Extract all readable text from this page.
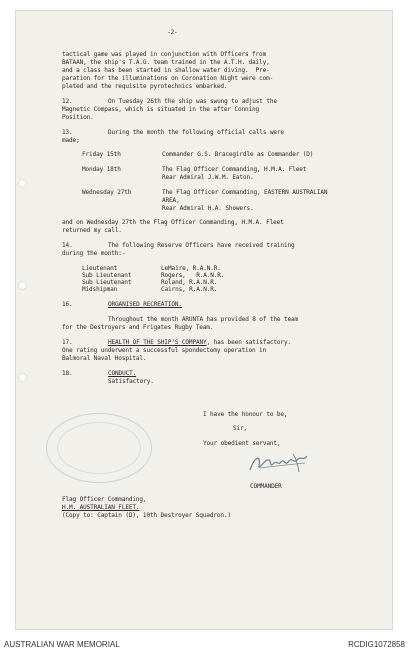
-2-
tactical game was played in conjunction with Officers from
BATAAN, the ship's T.A.G. team trained in the A.T.H. daily,
and a class has been started in shallow water diving.  Pre-
paration for the illuminations on Coronation Night were com-
pleted and the requisite pyrotechnics embarked.
12.	On Tuesday 26th the ship was swung to adjust the
Magnetic Compass, which is situated in the after Conning
Position.
13.	During the month the following official calls were
made;
Friday 15th	Commander G.S. Bracegirdle as Commander (D)
Monday 18th	The Flag Officer Commanding, H.M.A. Fleet
Rear Admiral J.W.M. Eaton.
Wednesday 27th	The Flag Officer Commanding, EASTERN AUSTRALIAN
AREA,
Rear Admiral H.A. Showers.
and on Wednesday 27th the Flag Officer Commanding, H.M.A. Fleet
returned my call.
14.	The following Reserve Officers have received training
during the month:-
Lieutenant	LeMaire, R.A.N.R.
Sub Lieutenant	Rogers,   R.A.N.R.
Sub Lieutenant	Roland, R.A.N.R.
Midshipman	Cairns, R.A.N.R.
16.	ORGANISED RECREATION.
Throughout the month ARUNTA has provided 8 of the team
for the Destroyers and Frigates Rugby Team.
17.	HEALTH OF THE SHIP'S COMPANY, has been satisfactory.
One rating underwent a successful spondectomy operation in
Balmoral Naval Hospital.
18.	CONDUCT.
Satisfactory.
I have the honour to be,
Sir,
Your obedient servant,
COMMANDER
Flag Officer Commanding,
H.M. AUSTRALIAN FLEET.
(Copy to: Captain (D), 10th Destroyer Squadron.)
AUSTRALIAN WAR MEMORIAL	RCDIG1072858
